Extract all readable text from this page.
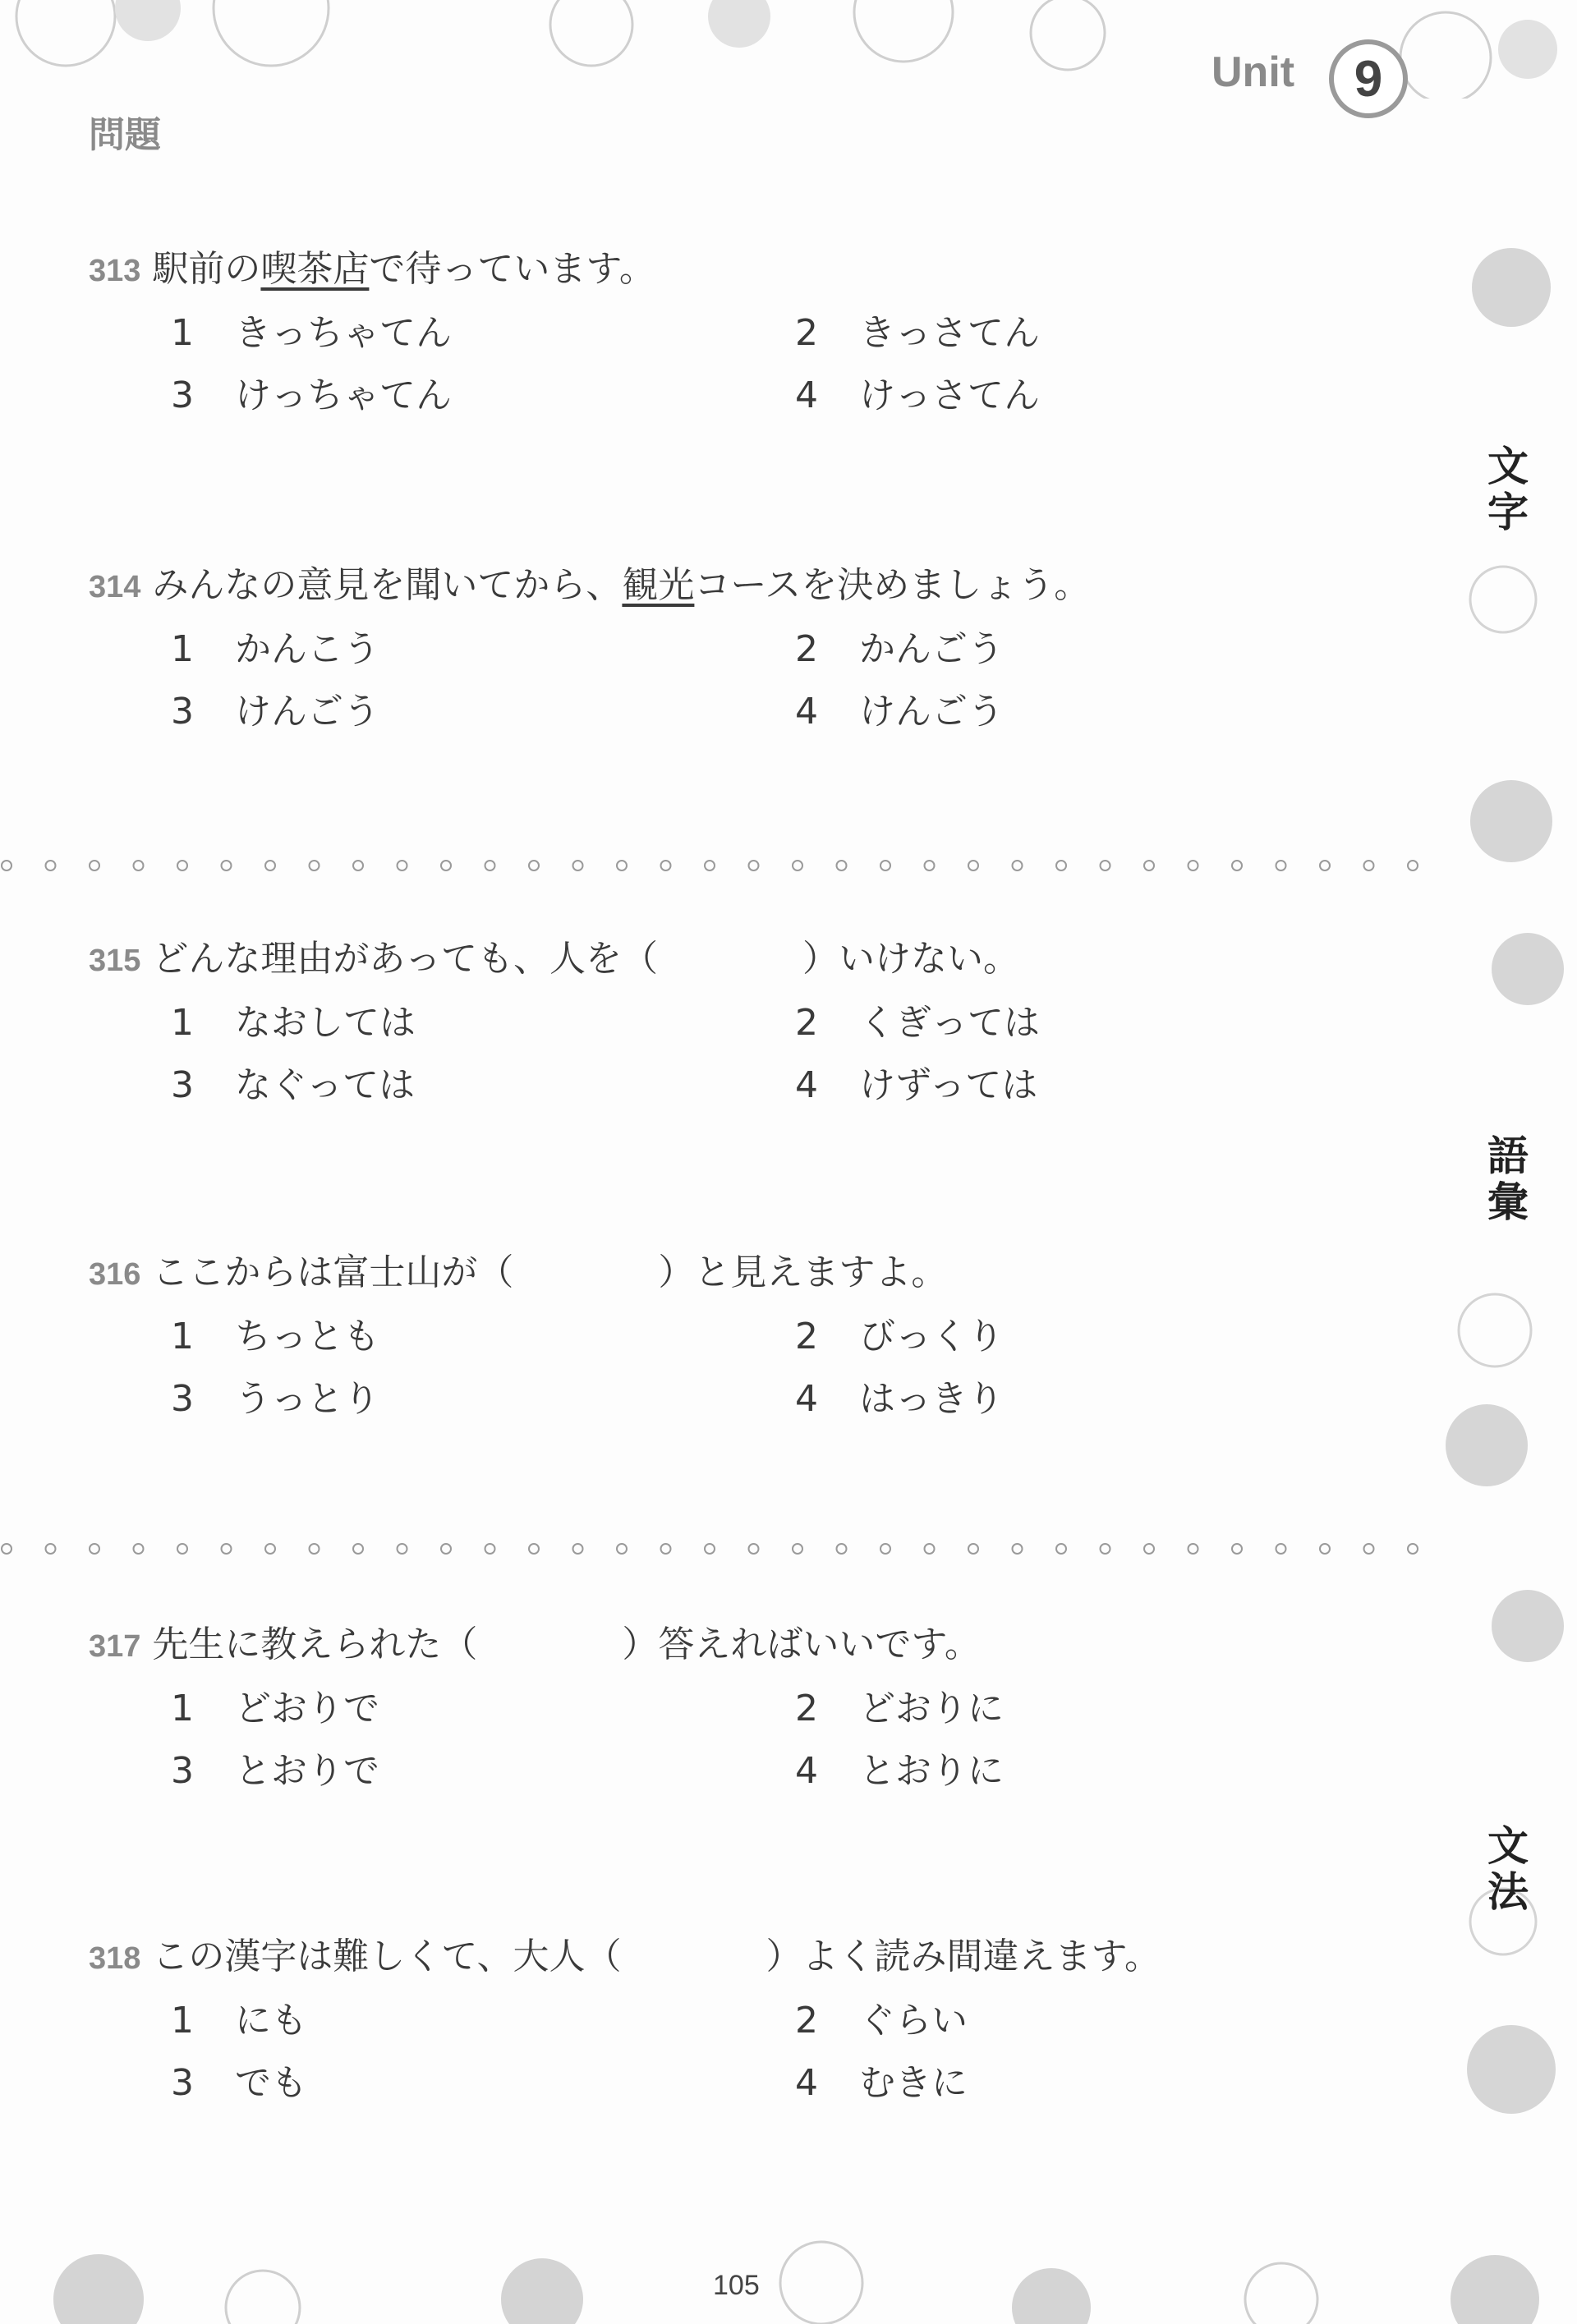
問題
Unit	9
文字
語彙
文法
313 駅前の喫茶店で待っています。
1 きっちゃてん	2 きっさてん
3 けっちゃてん	4 けっさてん
314 みんなの意見を聞いてから、観光コースを決めましょう。
1 かんこう	2 かんごう
3 けんごう	4 けんごう
315 どんな理由があっても、人を（　　　　）いけない。
1 なおしては	2 くぎっては
3 なぐっては	4 けずっては
316 ここからは富士山が（　　　　）と見えますよ。
1 ちっとも	2 びっくり
3 うっとり	4 はっきり
317 先生に教えられた（　　　　）答えればいいです。
1 どおりで	2 どおりに
3 とおりで	4 とおりに
318 この漢字は難しくて、大人（　　　　）よく読み間違えます。
1 にも	2 ぐらい
3 でも	4 むきに
105
